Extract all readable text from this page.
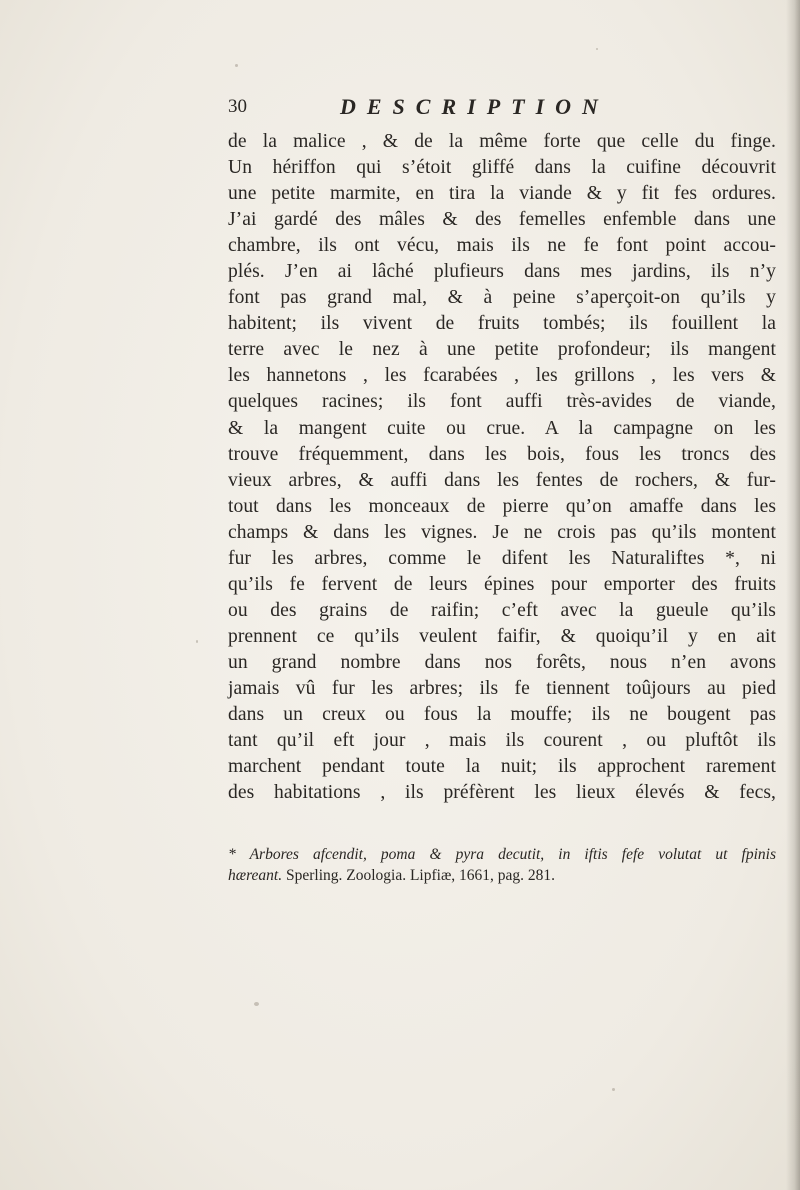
30	DESCRIPTION
de la malice , & de la même forte que celle du finge.
Un hériffon qui s’étoit gliffé dans la cuifine découvrit
une petite marmite, en tira la viande & y fit fes ordures.
J’ai gardé des mâles & des femelles enfemble dans une
chambre, ils ont vécu, mais ils ne fe font point accou-
plés. J’en ai lâché plufieurs dans mes jardins, ils n’y
font pas grand mal, & à peine s’aperçoit-on qu’ils y
habitent; ils vivent de fruits tombés; ils fouillent la
terre avec le nez à une petite profondeur; ils mangent
les hannetons , les fcarabées , les grillons , les vers &
quelques racines; ils font auffi très-avides de viande,
& la mangent cuite ou crue. A la campagne on les
trouve fréquemment, dans les bois, fous les troncs des
vieux arbres, & auffi dans les fentes de rochers, & fur-
tout dans les monceaux de pierre qu’on amaffe dans les
champs & dans les vignes. Je ne crois pas qu’ils montent
fur les arbres, comme le difent les Naturaliftes *, ni
qu’ils fe fervent de leurs épines pour emporter des fruits
ou des grains de raifin; c’eft avec la gueule qu’ils
prennent ce qu’ils veulent faifir, & quoiqu’il y en ait
un grand nombre dans nos forêts, nous n’en avons
jamais vû fur les arbres; ils fe tiennent toûjours au pied
dans un creux ou fous la mouffe; ils ne bougent pas
tant qu’il eft jour , mais ils courent , ou pluftôt ils
marchent pendant toute la nuit; ils approchent rarement
des habitations , ils préfèrent les lieux élevés & fecs,
* Arbores afcendit, poma & pyra decutit, in iftis fefe volutat ut fpinis
hæreant. Sperling. Zoologia. Lipfiæ, 1661, pag. 281.
